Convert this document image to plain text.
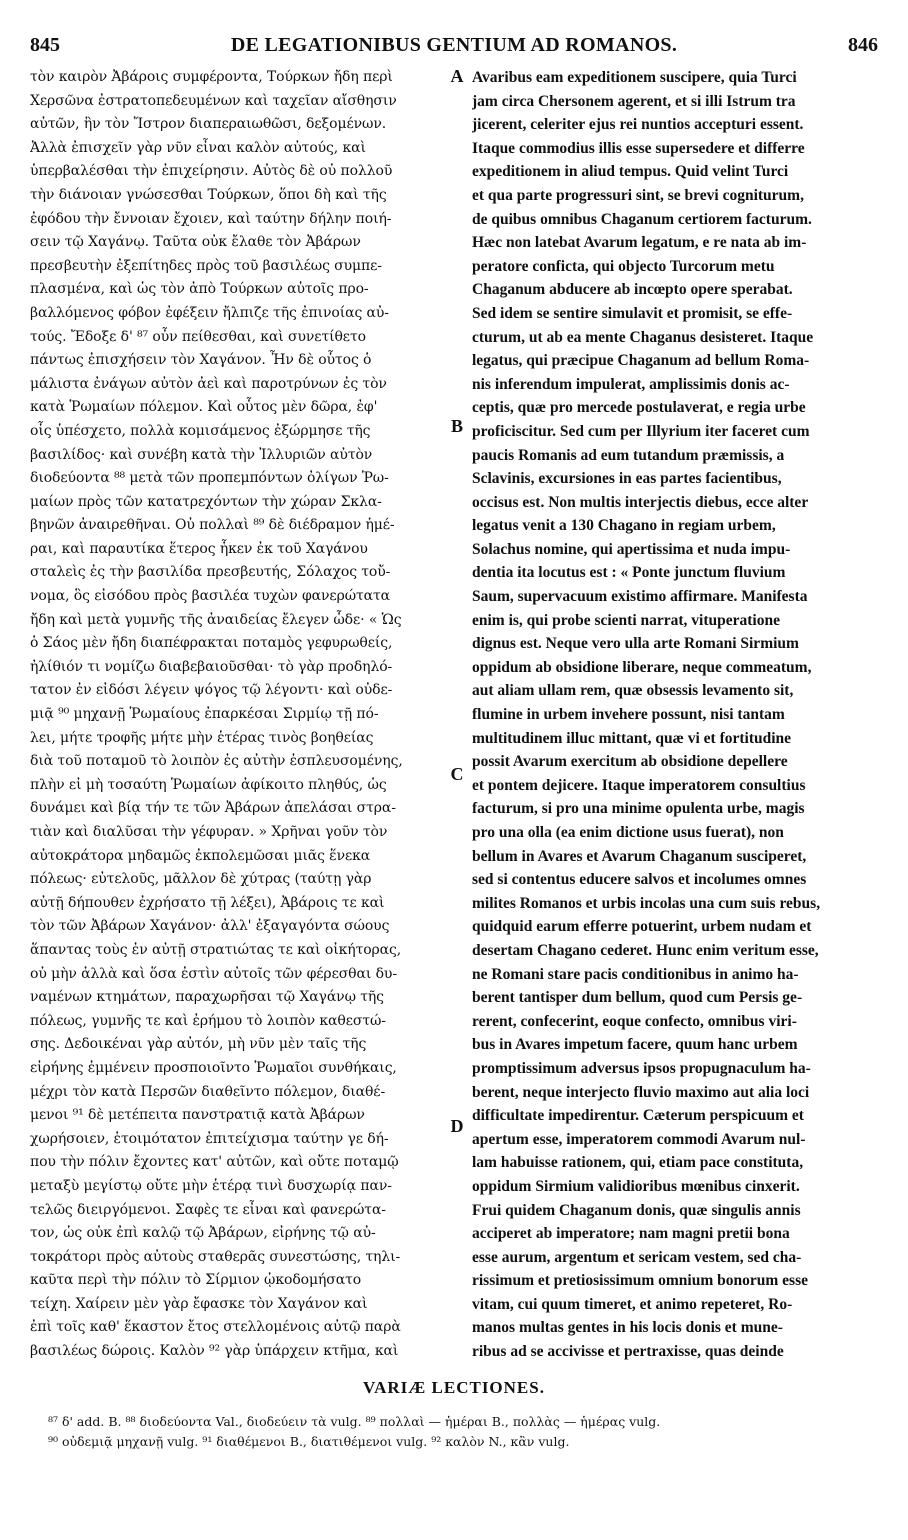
845	DE LEGATIONIBUS GENTIUM AD ROMANOS.	846
A
B
C
D
τὸν καιρὸν Ἀβάροις συμφέροντα, Τούρκων ἤδη περὶ
Χερσῶνα ἐστρατοπεδευμένων καὶ ταχεῖαν αἴσθησιν
αὐτῶν, ἣν τὸν Ἴστρον διαπεραιωθῶσι, δεξομένων.
Ἀλλὰ ἐπισχεῖν γὰρ νῦν εἶναι καλὸν αὐτούς, καὶ
ὑπερβαλέσθαι τὴν ἐπιχείρησιν. Αὐτὸς δὲ οὐ πολλοῦ
τὴν διάνοιαν γνώσεσθαι Τούρκων, ὅποι δὴ καὶ τῆς
ἐφόδου τὴν ἔννοιαν ἔχοιεν, καὶ ταύτην δήλην ποιή-
σειν τῷ Χαγάνῳ. Ταῦτα οὐκ ἔλαθε τὸν Ἀβάρων
πρεσβευτὴν ἐξεπίτηδες πρὸς τοῦ βασιλέως συμπε-
πλασμένα, καὶ ὡς τὸν ἀπὸ Τούρκων αὐτοῖς προ-
βαλλόμενος φόβον ἐφέξειν ἤλπιζε τῆς ἐπινοίας αὐ-
τούς. Ἔδοξε δ' ⁸⁷ οὖν πείθεσθαι, καὶ συνετίθετο
πάντως ἐπισχήσειν τὸν Χαγάνον. Ἦν δὲ οὗτος ὁ
μάλιστα ἐνάγων αὐτὸν ἀεὶ καὶ παροτρύνων ἐς τὸν
κατὰ Ῥωμαίων πόλεμον. Καὶ οὗτος μὲν δῶρα, ἐφ'
οἷς ὑπέσχετο, πολλὰ κομισάμενος ἐξώρμησε τῆς
βασιλίδος· καὶ συνέβη κατὰ τὴν Ἰλλυριῶν αὐτὸν
διοδεύοντα ⁸⁸ μετὰ τῶν προπεμπόντων ὀλίγων Ῥω-
μαίων πρὸς τῶν κατατρεχόντων τὴν χώραν Σκλα-
βηνῶν ἀναιρεθῆναι. Οὐ πολλαὶ ⁸⁹ δὲ διέδραμον ἡμέ-
ραι, καὶ παραυτίκα ἕτερος ἧκεν ἐκ τοῦ Χαγάνου
σταλεὶς ἐς τὴν βασιλίδα πρεσβευτής, Σόλαχος τοὔ-
νομα, ὃς εἰσόδου πρὸς βασιλέα τυχὼν φανερώτατα
ἤδη καὶ μετὰ γυμνῆς τῆς ἀναιδείας ἔλεγεν ὧδε· « Ὡς
ὁ Σάος μὲν ἤδη διαπέφρακται ποταμὸς γεφυρωθείς,
ἠλίθιόν τι νομίζω διαβεβαιοῦσθαι· τὸ γὰρ προδηλό-
τατον ἐν εἰδόσι λέγειν ψόγος τῷ λέγοντι· καὶ οὐδε-
μιᾷ ⁹⁰ μηχανῇ Ῥωμαίους ἐπαρκέσαι Σιρμίῳ τῇ πό-
λει, μήτε τροφῆς μήτε μὴν ἑτέρας τινὸς βοηθείας
διὰ τοῦ ποταμοῦ τὸ λοιπὸν ἐς αὐτὴν ἐσπλευσομένης,
πλὴν εἰ μὴ τοσαύτη Ῥωμαίων ἀφίκοιτο πληθύς, ὡς
δυνάμει καὶ βίᾳ τήν τε τῶν Ἀβάρων ἀπελάσαι στρα-
τιὰν καὶ διαλῦσαι τὴν γέφυραν. » Χρῆναι γοῦν τὸν
αὐτοκράτορα μηδαμῶς ἐκπολεμῶσαι μιᾶς ἕνεκα
πόλεως· εὐτελοῦς, μᾶλλον δὲ χύτρας (ταύτῃ γὰρ
αὐτῇ δήπουθεν ἐχρήσατο τῇ λέξει), Ἀβάροις τε καὶ
τὸν τῶν Ἀβάρων Χαγάνον· ἀλλ' ἐξαγαγόντα σώους
ἅπαντας τοὺς ἐν αὐτῇ στρατιώτας τε καὶ οἰκήτορας,
οὐ μὴν ἀλλὰ καὶ ὅσα ἐστὶν αὐτοῖς τῶν φέρεσθαι δυ-
ναμένων κτημάτων, παραχωρῆσαι τῷ Χαγάνῳ τῆς
πόλεως, γυμνῆς τε καὶ ἐρήμου τὸ λοιπὸν καθεστώ-
σης. Δεδοικέναι γὰρ αὐτόν, μὴ νῦν μὲν ταῖς τῆς
εἰρήνης ἐμμένειν προσποιοῖντο Ῥωμαῖοι συνθήκαις,
μέχρι τὸν κατὰ Περσῶν διαθεῖντο πόλεμον, διαθέ-
μενοι ⁹¹ δὲ μετέπειτα πανστρατιᾷ κατὰ Ἀβάρων
χωρήσοιεν, ἑτοιμότατον ἐπιτείχισμα ταύτην γε δή-
που τὴν πόλιν ἔχοντες κατ' αὐτῶν, καὶ οὔτε ποταμῷ
μεταξὺ μεγίστῳ οὔτε μὴν ἑτέρᾳ τινὶ δυσχωρίᾳ παν-
τελῶς διειργόμενοι. Σαφὲς τε εἶναι καὶ φανερώτα-
τον, ὡς οὐκ ἐπὶ καλῷ τῷ Ἀβάρων, εἰρήνης τῷ αὐ-
τοκράτορι πρὸς αὐτοὺς σταθερᾶς συνεστώσης, τηλι-
καῦτα περὶ τὴν πόλιν τὸ Σίρμιον ᾠκοδομήσατο
τείχη. Χαίρειν μὲν γὰρ ἔφασκε τὸν Χαγάνον καὶ
ἐπὶ τοῖς καθ' ἕκαστον ἔτος στελλομένοις αὐτῷ παρὰ
βασιλέως δώροις. Καλὸν ⁹² γὰρ ὑπάρχειν κτῆμα, καὶ
Avaribus eam expeditionem suscipere, quia Turci
jam circa Chersonem agerent, et si illi Istrum tra
jicerent, celeriter ejus rei nuntios accepturi essent.
Itaque commodius illis esse supersedere et differre
expeditionem in aliud tempus. Quid velint Turci
et qua parte progressuri sint, se brevi cogniturum,
de quibus omnibus Chaganum certiorem facturum.
Hæc non latebat Avarum legatum, e re nata ab im-
peratore conficta, qui objecto Turcorum metu
Chaganum abducere ab incœpto opere sperabat.
Sed idem se sentire simulavit et promisit, se effe-
cturum, ut ab ea mente Chaganus desisteret. Itaque
legatus, qui præcipue Chaganum ad bellum Roma-
nis inferendum impulerat, amplissimis donis ac-
ceptis, quæ pro mercede postulaverat, e regia urbe
proficiscitur. Sed cum per Illyrium iter faceret cum
paucis Romanis ad eum tutandum præmissis, a
Sclavinis, excursiones in eas partes facientibus,
occisus est. Non multis interjectis diebus, ecce alter
legatus venit a 130 Chagano in regiam urbem,
Solachus nomine, qui apertissima et nuda impu-
dentia ita locutus est : « Ponte junctum fluvium
Saum, supervacuum existimo affirmare. Manifesta
enim is, qui probe scienti narrat, vituperatione
dignus est. Neque vero ulla arte Romani Sirmium
oppidum ab obsidione liberare, neque commeatum,
aut aliam ullam rem, quæ obsessis levamento sit,
flumine in urbem invehere possunt, nisi tantam
multitudinem illuc mittant, quæ vi et fortitudine
possit Avarum exercitum ab obsidione depellere
et pontem dejicere. Itaque imperatorem consultius
facturum, si pro una minime opulenta urbe, magis
pro una olla (ea enim dictione usus fuerat), non
bellum in Avares et Avarum Chaganum susciperet,
sed si contentus educere salvos et incolumes omnes
milites Romanos et urbis incolas una cum suis rebus,
quidquid earum efferre potuerint, urbem nudam et
desertam Chagano cederet. Hunc enim veritum esse,
ne Romani stare pacis conditionibus in animo ha-
berent tantisper dum bellum, quod cum Persis ge-
rerent, confecerint, eoque confecto, omnibus viri-
bus in Avares impetum facere, quum hanc urbem
promptissimum adversus ipsos propugnaculum ha-
berent, neque interjecto fluvio maximo aut alia loci
difficultate impedirentur. Cæterum perspicuum et
apertum esse, imperatorem commodi Avarum nul-
lam habuisse rationem, qui, etiam pace constituta,
oppidum Sirmium validioribus mœnibus cinxerit.
Frui quidem Chaganum donis, quæ singulis annis
acciperet ab imperatore; nam magni pretii bona
esse aurum, argentum et sericam vestem, sed cha-
rissimum et pretiosissimum omnium bonorum esse
vitam, cui quum timeret, et animo repeteret, Ro-
manos multas gentes in his locis donis et mune-
ribus ad se accivisse et pertraxisse, quas deinde
VARIÆ LECTIONES.
⁸⁷ δ' add. B. ⁸⁸ διοδεύοντα Val., διοδεύειν τὰ vulg. ⁸⁹ πολλαὶ — ἡμέραι B., πολλὰς — ἡμέρας vulg.
⁹⁰ οὐδεμιᾷ μηχανῇ vulg. ⁹¹ διαθέμενοι B., διατιθέμενοι vulg. ⁹² καλὸν N., κἂν vulg.
